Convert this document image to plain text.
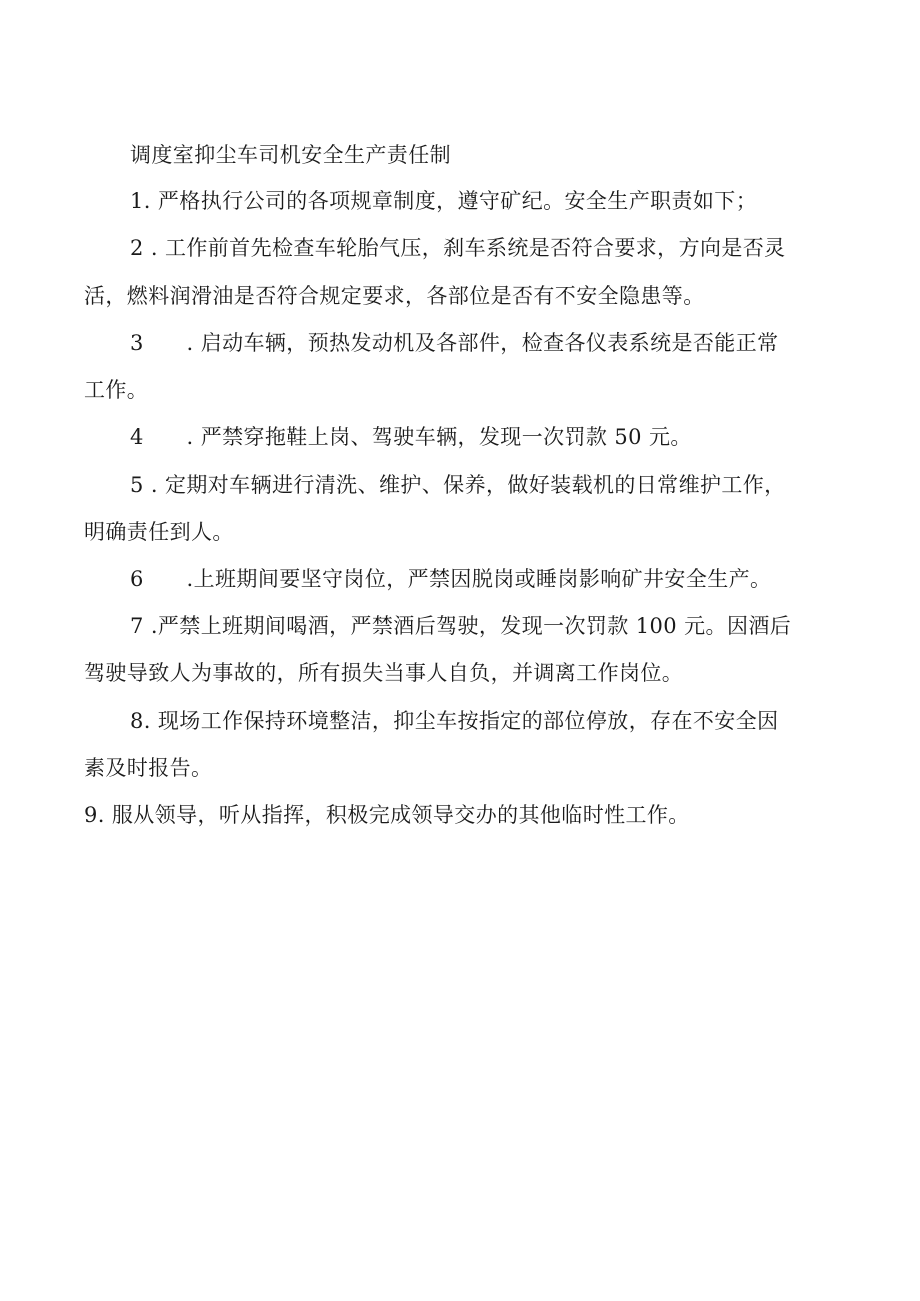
调度室抑尘车司机安全生产责任制
1. 严格执行公司的各项规章制度，遵守矿纪。安全生产职责如下；
2 . 工作前首先检查车轮胎气压，刹车系统是否符合要求，方向是否灵
活，燃料润滑油是否符合规定要求，各部位是否有不安全隐患等。
3　　. 启动车辆，预热发动机及各部件，检查各仪表系统是否能正常
工作。
4　　. 严禁穿拖鞋上岗、驾驶车辆，发现一次罚款 50 元。
5 . 定期对车辆进行清洗、维护、保养，做好装载机的日常维护工作，
明确责任到人。
6　　.上班期间要坚守岗位，严禁因脱岗或睡岗影响矿井安全生产。
7 .严禁上班期间喝酒，严禁酒后驾驶，发现一次罚款 100 元。因酒后
驾驶导致人为事故的，所有损失当事人自负，并调离工作岗位。
8. 现场工作保持环境整洁，抑尘车按指定的部位停放，存在不安全因
素及时报告。
9. 服从领导，听从指挥，积极完成领导交办的其他临时性工作。
